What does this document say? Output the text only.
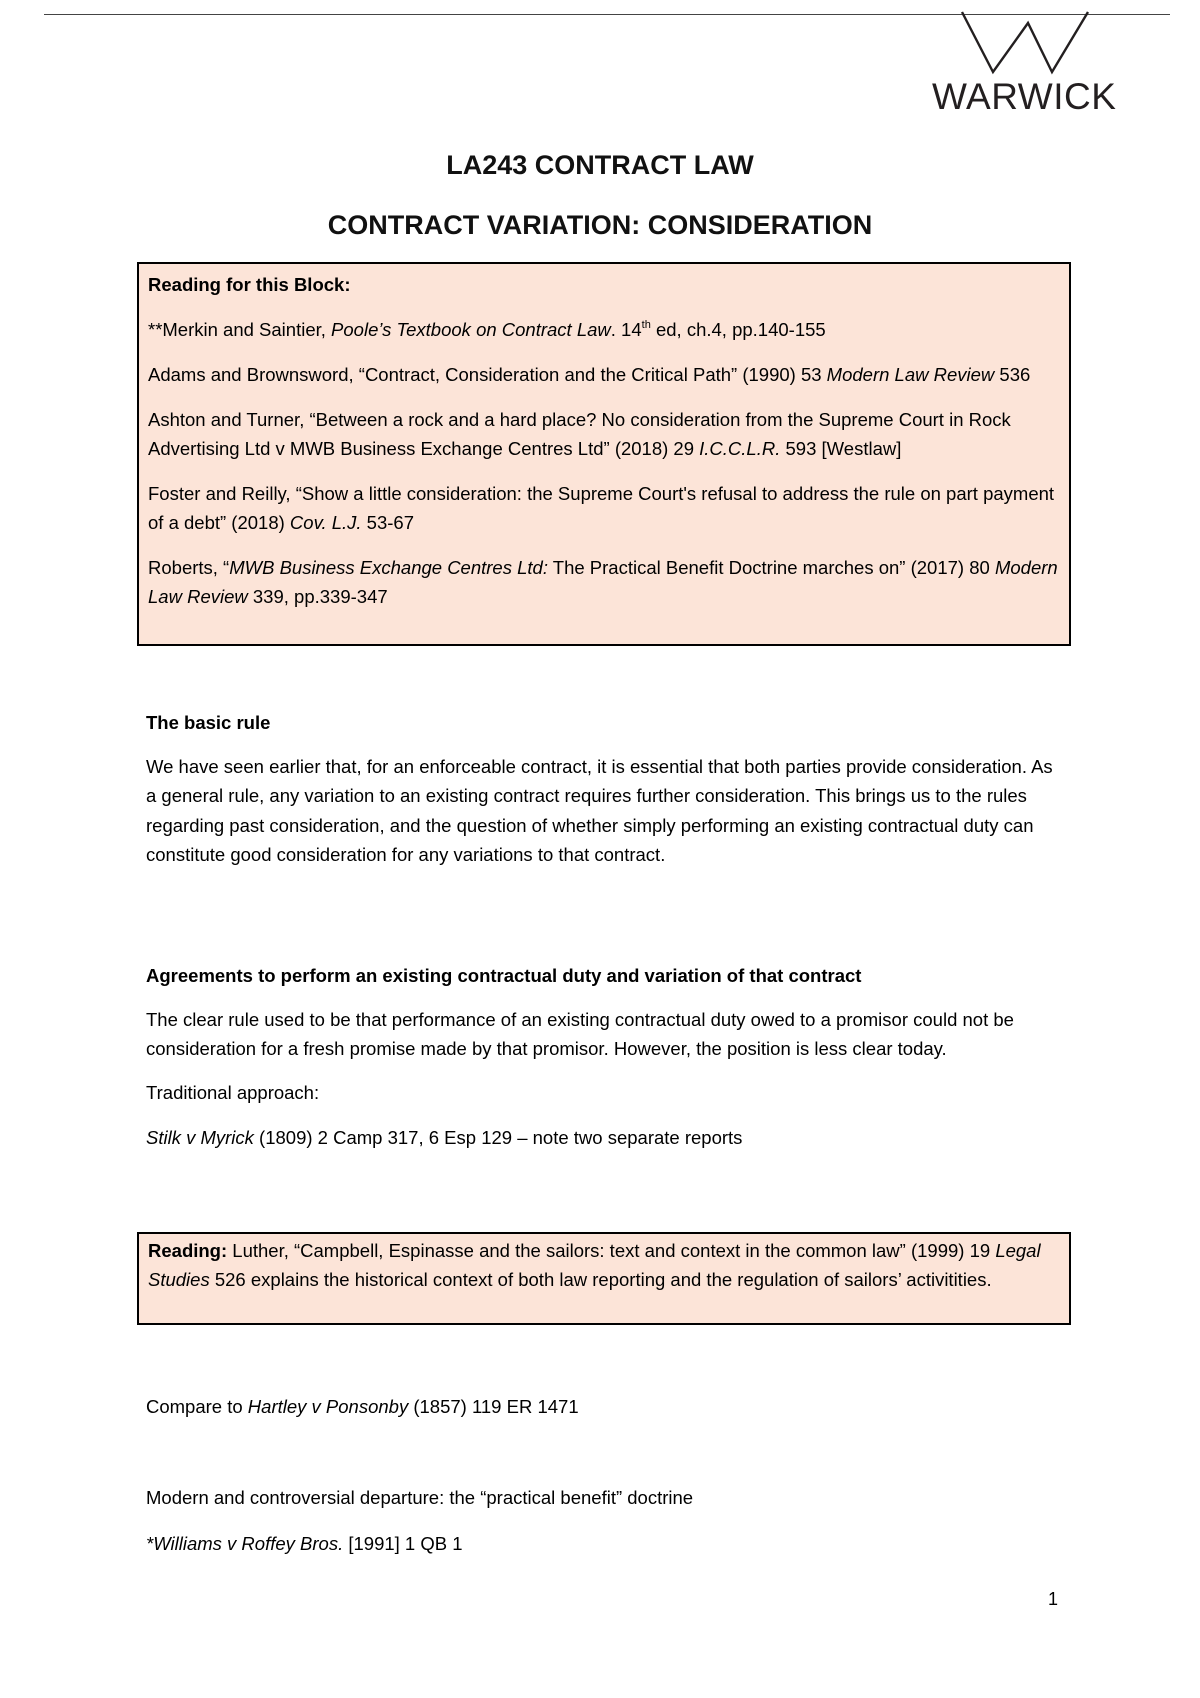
WARWICK
LA243 CONTRACT LAW
CONTRACT VARIATION: CONSIDERATION

Reading for this Block:

**Merkin and Saintier, Poole’s Textbook on Contract Law. 14th ed, ch.4, pp.140-155

Adams and Brownsword, “Contract, Consideration and the Critical Path” (1990) 53 Modern Law Review 536

Ashton and Turner, “Between a rock and a hard place? No consideration from the Supreme Court in Rock Advertising Ltd v MWB Business Exchange Centres Ltd” (2018) 29 I.C.C.L.R. 593 [Westlaw]

Foster and Reilly, “Show a little consideration: the Supreme Court's refusal to address the rule on part payment of a debt” (2018) Cov. L.J. 53-67

Roberts, “MWB Business Exchange Centres Ltd: The Practical Benefit Doctrine marches on” (2017) 80 Modern Law Review 339, pp.339-347

The basic rule

We have seen earlier that, for an enforceable contract, it is essential that both parties provide consideration. As a general rule, any variation to an existing contract requires further consideration. This brings us to the rules regarding past consideration, and the question of whether simply performing an existing contractual duty can constitute good consideration for any variations to that contract.

Agreements to perform an existing contractual duty and variation of that contract

The clear rule used to be that performance of an existing contractual duty owed to a promisor could not be consideration for a fresh promise made by that promisor. However, the position is less clear today.

Traditional approach:

Stilk v Myrick (1809) 2 Camp 317, 6 Esp 129 – note two separate reports

Reading: Luther, “Campbell, Espinasse and the sailors: text and context in the common law” (1999) 19 Legal Studies 526 explains the historical context of both law reporting and the regulation of sailors’ activitities.

Compare to Hartley v Ponsonby (1857) 119 ER 1471

Modern and controversial departure: the “practical benefit” doctrine

*Williams v Roffey Bros. [1991] 1 QB 1

1
